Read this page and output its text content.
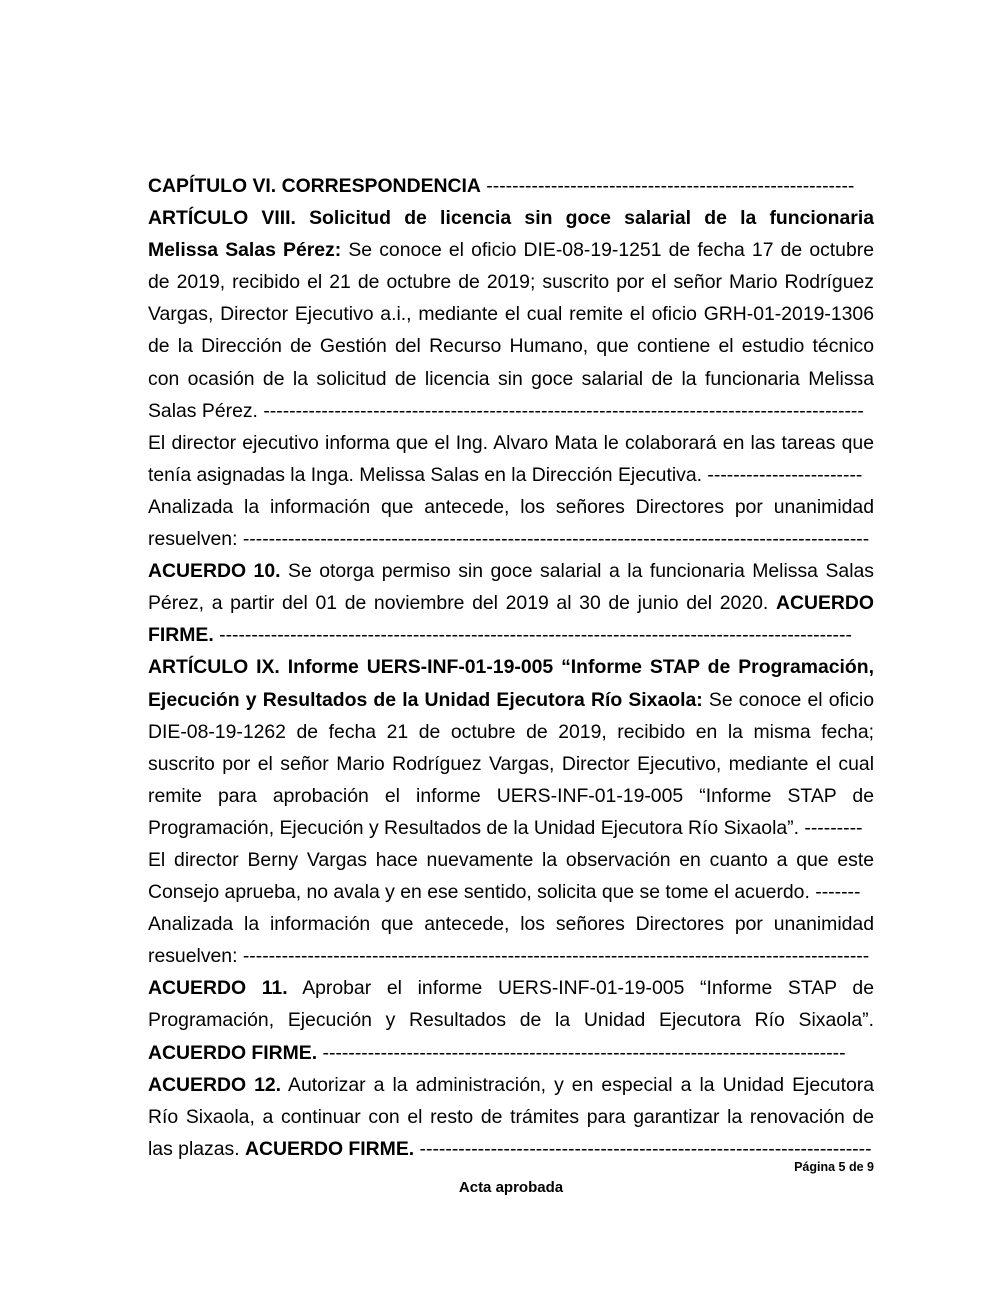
CAPÍTULO VI. CORRESPONDENCIA ---------------------------------------------------------
ARTÍCULO VIII. Solicitud de licencia sin goce salarial de la funcionaria
Melissa Salas Pérez: Se conoce el oficio DIE-08-19-1251 de fecha 17 de octubre
de 2019, recibido el 21 de octubre de 2019; suscrito por el señor Mario Rodríguez
Vargas, Director Ejecutivo a.i., mediante el cual remite el oficio GRH-01-2019-1306
de la Dirección de Gestión del Recurso Humano, que contiene el estudio técnico
con ocasión de la solicitud de licencia sin goce salarial de la funcionaria Melissa
Salas Pérez. ---------------------------------------------------------------------------------------------
El director ejecutivo informa que el Ing. Alvaro Mata le colaborará en las tareas que
tenía asignadas la Inga. Melissa Salas en la Dirección Ejecutiva. ------------------------
Analizada la información que antecede, los señores Directores por unanimidad
resuelven: -------------------------------------------------------------------------------------------------
ACUERDO 10. Se otorga permiso sin goce salarial a la funcionaria Melissa Salas
Pérez, a partir del 01 de noviembre del 2019 al 30 de junio del 2020. ACUERDO
FIRME. --------------------------------------------------------------------------------------------------
ARTÍCULO IX. Informe UERS-INF-01-19-005 “Informe STAP de Programación,
Ejecución y Resultados de la Unidad Ejecutora Río Sixaola: Se conoce el oficio
DIE-08-19-1262 de fecha 21 de octubre de 2019, recibido en la misma fecha;
suscrito por el señor Mario Rodríguez Vargas, Director Ejecutivo, mediante el cual
remite para aprobación el informe UERS-INF-01-19-005 “Informe STAP de
Programación, Ejecución y Resultados de la Unidad Ejecutora Río Sixaola”. ---------
El director Berny Vargas hace nuevamente la observación en cuanto a que este
Consejo aprueba, no avala y en ese sentido, solicita que se tome el acuerdo. -------
Analizada la información que antecede, los señores Directores por unanimidad
resuelven: -------------------------------------------------------------------------------------------------
ACUERDO 11. Aprobar el informe UERS-INF-01-19-005 “Informe STAP de
Programación, Ejecución y Resultados de la Unidad Ejecutora Río Sixaola”.
ACUERDO FIRME. ---------------------------------------------------------------------------------
ACUERDO 12. Autorizar a la administración, y en especial a la Unidad Ejecutora
Río Sixaola, a continuar con el resto de trámites para garantizar la renovación de
las plazas. ACUERDO FIRME. ----------------------------------------------------------------------
Página 5 de 9
Acta aprobada
